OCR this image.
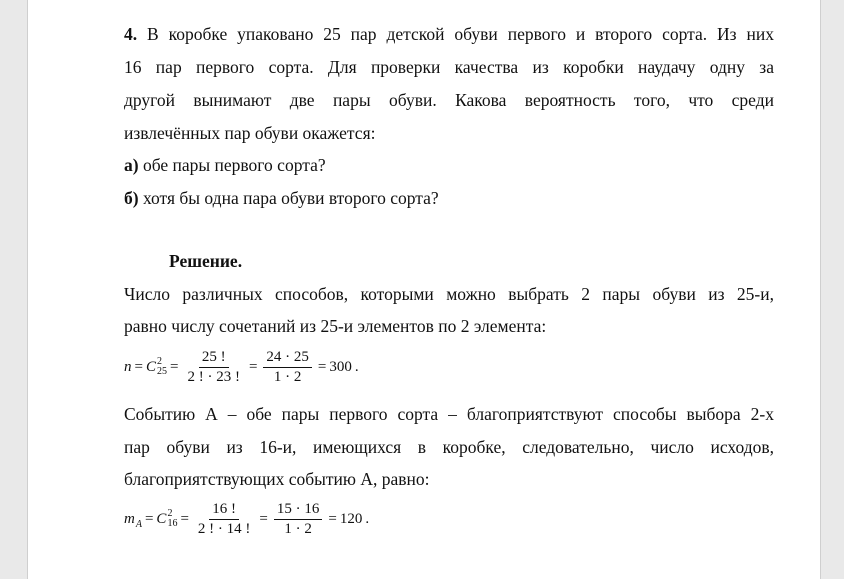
4. В коробке упаковано 25 пар детской обуви первого и второго сорта. Из них
16 пар первого сорта. Для проверки качества из коробки наудачу одну за
другой вынимают две пары обуви. Какова вероятность того, что среди
извлечённых пар обуви окажется:
а) обе пары первого сорта?
б) хотя бы одна пара обуви второго сорта?
Решение.
Число различных способов, которыми можно выбрать 2 пары обуви из 25-и,
равно числу сочетаний из 25-и элементов по 2 элемента:
n = C 2
$25 = \frac{25 !}{2 ! \cdot 23 !} = \frac{24 \cdot 25}{1 \cdot 2} = 300$ .
Событию А – обе пары первого сорта – благоприятствуют способы выбора 2-х
пар обуви из 16-и, имеющихся в коробке, следовательно, число исходов,
благоприятствующих событию А, равно:
m A = C 2
$16 = \frac{16 !}{2 ! \cdot 14 !} = \frac{15 \cdot 16}{1 \cdot 2} = 120$ .
